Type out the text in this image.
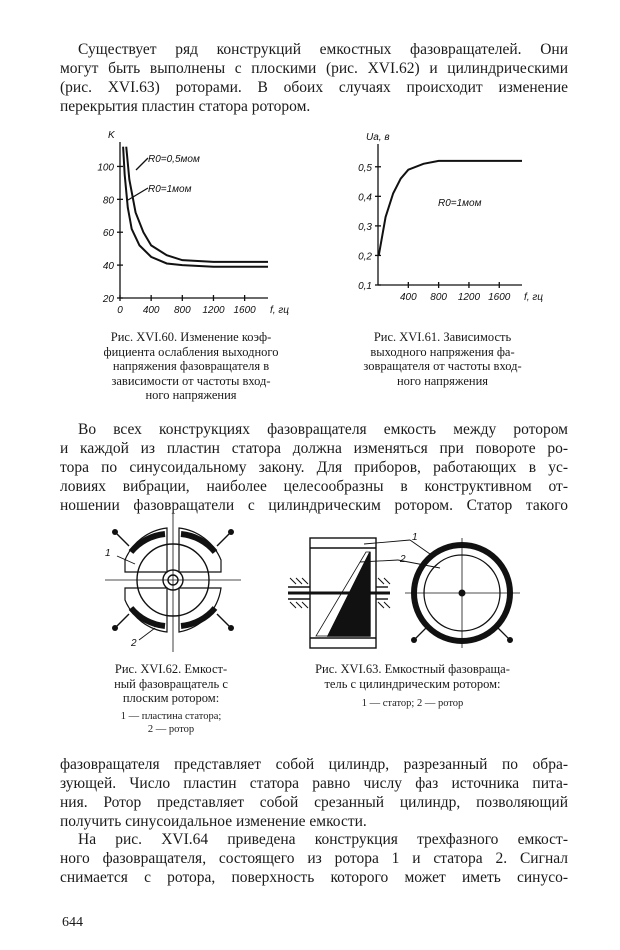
Существует ряд конструкций емкостных фазовращателей. Они
могут быть выполнены с плоскими (рис. XVI.62) и цилиндрическими
(рис. XVI.63) роторами. В обоих случаях происходит изменение
перекрытия пластин статора ротором.
100
80
60
40
20
0 400 800 1200 1600 f, гц
K
R0=0,5мом
R0=1мом

Рис. XVI.60. Изменение коэф-
фициента ослабления выходного
напряжения фазовращателя в
зависимости от частоты вход-
ного напряжения

0,5
0,4
0,3
0,2
0,1
400 800 1200 1600 f, гц
Ua, в
R0=1мом

Рис. XVI.61. Зависимость
выходного напряжения фа-
зовращателя от частоты вход-
ного напряжения

Во всех конструкциях фазовращателя емкость между ротором
и каждой из пластин статора должна изменяться при повороте ро-
тора по синусоидальному закону. Для приборов, работающих в ус-
ловиях вибрации, наиболее целесообразны в конструктивном от-
ношении фазовращатели с цилиндрическим ротором. Статор такого
1
2

Рис. XVI.62. Емкост-
ный фазовращатель с
плоским ротором:

1 — пластина статора;
2 — ротор
1
2

Рис. XVI.63. Емкостный фазовраща-
тель с цилиндрическим ротором:

1 — статор; 2 — ротор
фазовращателя представляет собой цилиндр, разрезанный по обра-
зующей. Число пластин статора равно числу фаз источника пита-
ния. Ротор представляет собой срезанный цилиндр, позволяющий
получить синусоидальное изменение емкости.
На рис. XVI.64 приведена конструкция трехфазного емкост-
ного фазовращателя, состоящего из ротора 1 и статора 2. Сигнал
снимается с ротора, поверхность которого может иметь синусо-
644
